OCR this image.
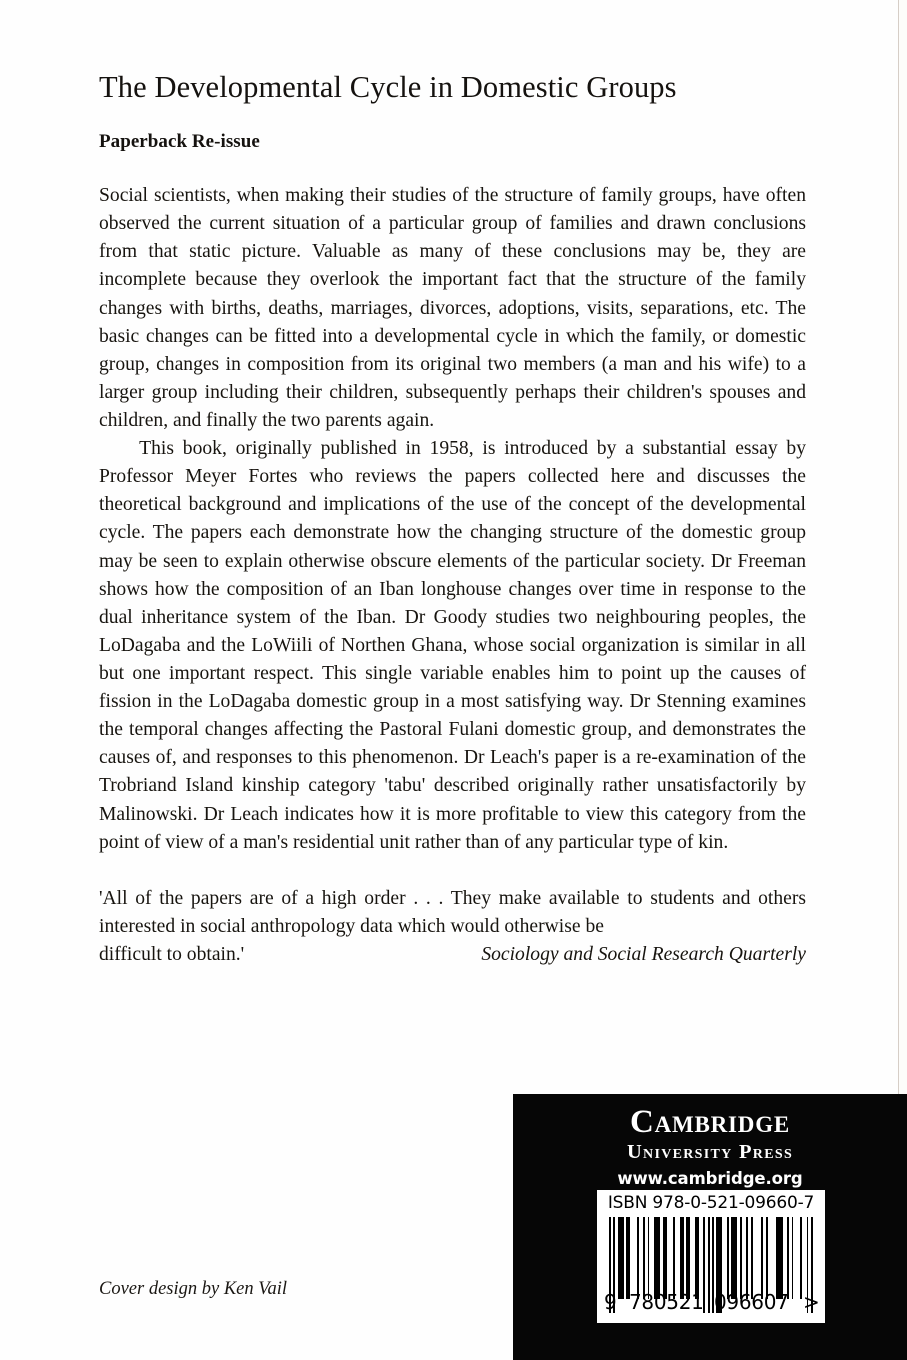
The Developmental Cycle in Domestic Groups

Paperback Re-issue

Social scientists, when making their studies of the structure of family groups, have often observed the current situation of a particular group of families and drawn conclusions from that static picture. Valuable as many of these conclusions may be, they are incomplete because they overlook the important fact that the structure of the family changes with births, deaths, marriages, divorces, adoptions, visits, separations, etc. The basic changes can be fitted into a developmental cycle in which the family, or domestic group, changes in composition from its original two members (a man and his wife) to a larger group including their children, subsequently perhaps their children's spouses and children, and finally the two parents again.

This book, originally published in 1958, is introduced by a substantial essay by Professor Meyer Fortes who reviews the papers collected here and discusses the theoretical background and implications of the use of the concept of the developmental cycle. The papers each demonstrate how the changing structure of the domestic group may be seen to explain otherwise obscure elements of the particular society. Dr Freeman shows how the composition of an Iban longhouse changes over time in response to the dual inheritance system of the Iban. Dr Goody studies two neighbouring peoples, the LoDagaba and the LoWiili of Northen Ghana, whose social organization is similar in all but one important respect. This single variable enables him to point up the causes of fission in the LoDagaba domestic group in a most satisfying way. Dr Stenning examines the temporal changes affecting the Pastoral Fulani domestic group, and demonstrates the causes of, and responses to this phenomenon. Dr Leach's paper is a re-examination of the Trobriand Island kinship category 'tabu' described originally rather unsatisfactorily by Malinowski. Dr Leach indicates how it is more profitable to view this category from the point of view of a man's residential unit rather than of any particular type of kin.

'All of the papers are of a high order . . . They make available to students and others interested in social anthropology data which would otherwise be
difficult to obtain.'	Sociology and Social Research Quarterly
Cover design by Ken Vail
Cambridge
University Press
www.cambridge.org
ISBN 978-0-521-09660-7
9 780521 096607 >
